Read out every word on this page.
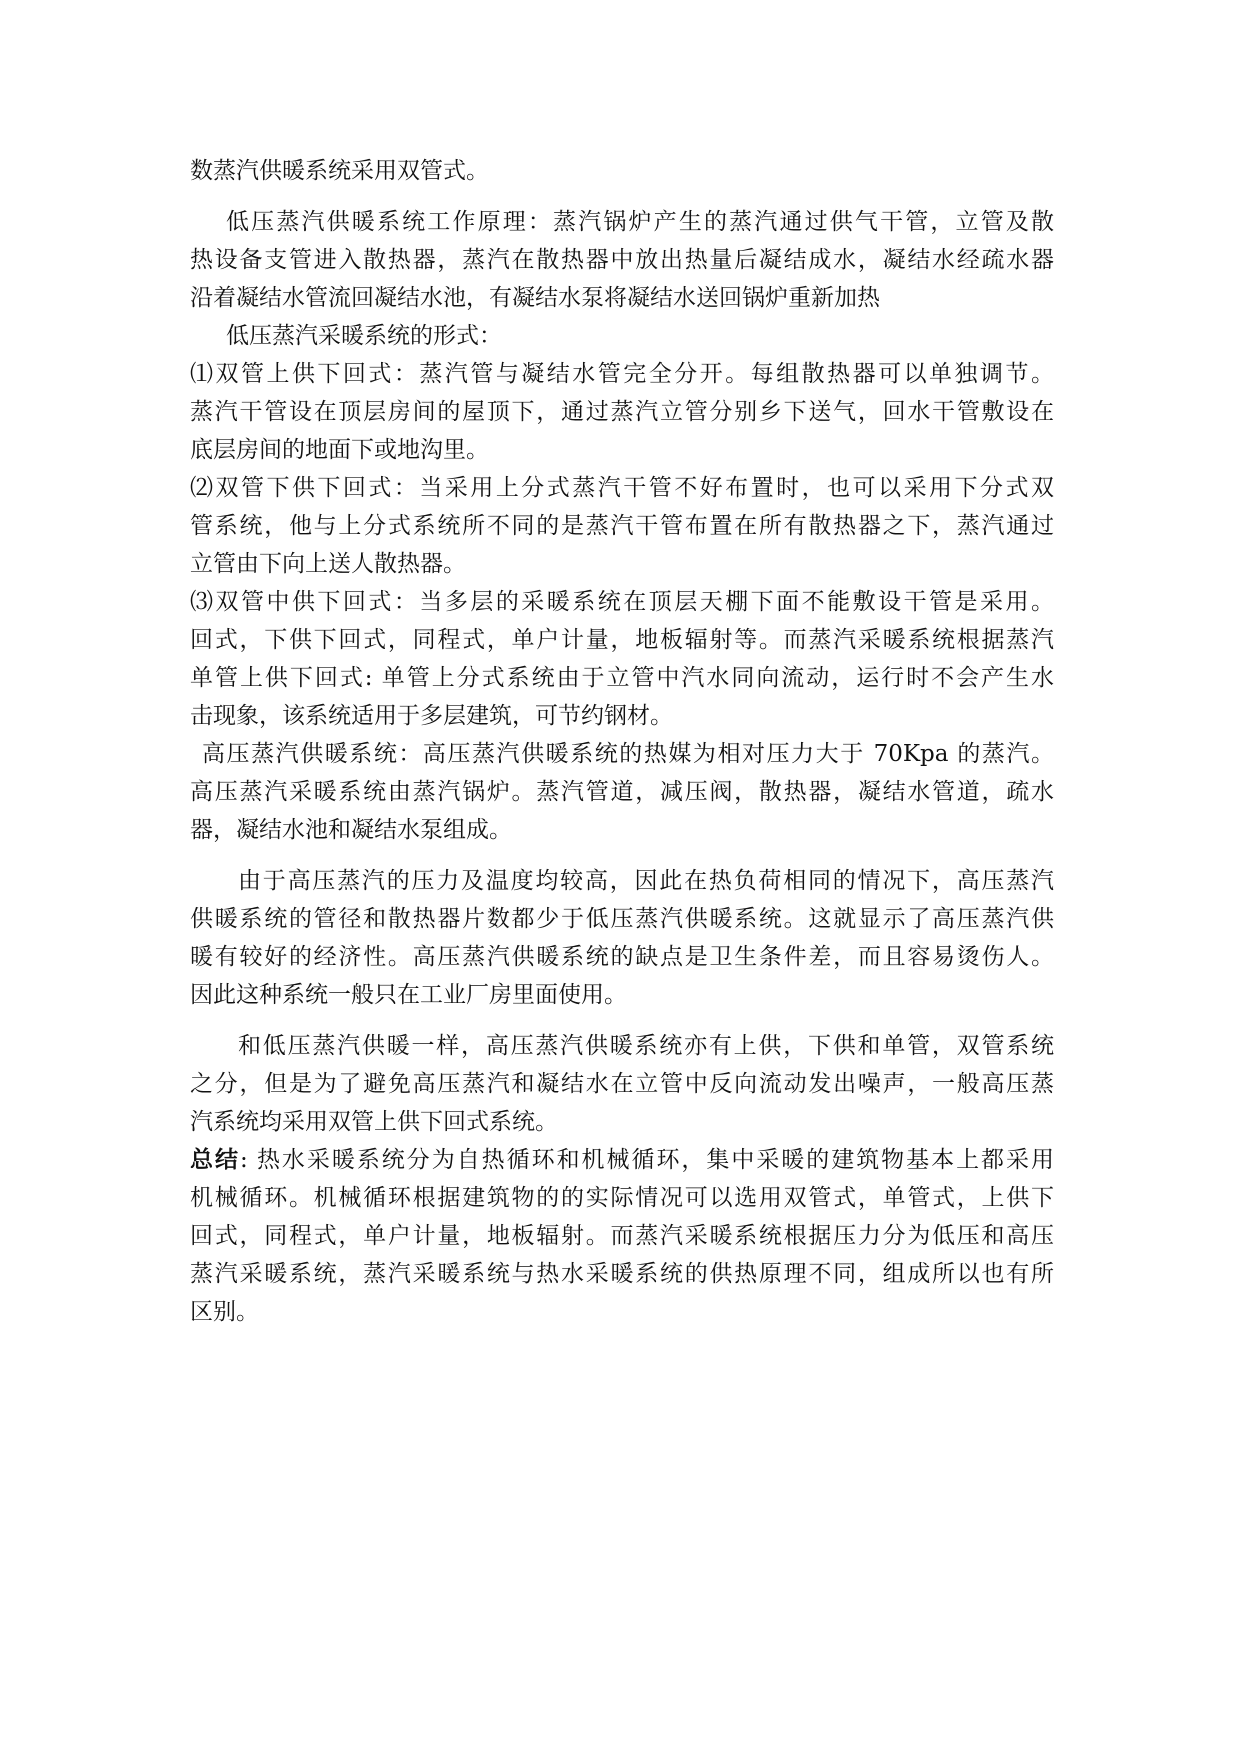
数蒸汽供暖系统采用双管式。
低压蒸汽供暖系统工作原理：蒸汽锅炉产生的蒸汽通过供气干管，立管及散
热设备支管进入散热器，蒸汽在散热器中放出热量后凝结成水，凝结水经疏水器
沿着凝结水管流回凝结水池，有凝结水泵将凝结水送回锅炉重新加热
低压蒸汽采暖系统的形式：
⑴双管上供下回式：蒸汽管与凝结水管完全分开。每组散热器可以单独调节。
蒸汽干管设在顶层房间的屋顶下，通过蒸汽立管分别乡下送气，回水干管敷设在
底层房间的地面下或地沟里。
⑵双管下供下回式：当采用上分式蒸汽干管不好布置时，也可以采用下分式双
管系统，他与上分式系统所不同的是蒸汽干管布置在所有散热器之下，蒸汽通过
立管由下向上送人散热器。
⑶双管中供下回式：当多层的采暖系统在顶层天棚下面不能敷设干管是采用。
回式，下供下回式，同程式，单户计量，地板辐射等。而蒸汽采暖系统根据蒸汽
单管上供下回式: 单管上分式系统由于立管中汽水同向流动，运行时不会产生水
击现象，该系统适用于多层建筑，可节约钢材。
高压蒸汽供暖系统：高压蒸汽供暖系统的热媒为相对压力大于 70Kpa 的蒸汽。
高压蒸汽采暖系统由蒸汽锅炉。蒸汽管道，减压阀，散热器，凝结水管道，疏水
器，凝结水池和凝结水泵组成。
由于高压蒸汽的压力及温度均较高，因此在热负荷相同的情况下，高压蒸汽
供暖系统的管径和散热器片数都少于低压蒸汽供暖系统。这就显示了高压蒸汽供
暖有较好的经济性。高压蒸汽供暖系统的缺点是卫生条件差，而且容易烫伤人。
因此这种系统一般只在工业厂房里面使用。
和低压蒸汽供暖一样，高压蒸汽供暖系统亦有上供，下供和单管，双管系统
之分，但是为了避免高压蒸汽和凝结水在立管中反向流动发出噪声，一般高压蒸
汽系统均采用双管上供下回式系统。
总结: 热水采暖系统分为自热循环和机械循环，集中采暖的建筑物基本上都采用
机械循环。机械循环根据建筑物的的实际情况可以选用双管式，单管式，上供下
回式，同程式，单户计量，地板辐射。而蒸汽采暖系统根据压力分为低压和高压
蒸汽采暖系统，蒸汽采暖系统与热水采暖系统的供热原理不同，组成所以也有所
区别。
